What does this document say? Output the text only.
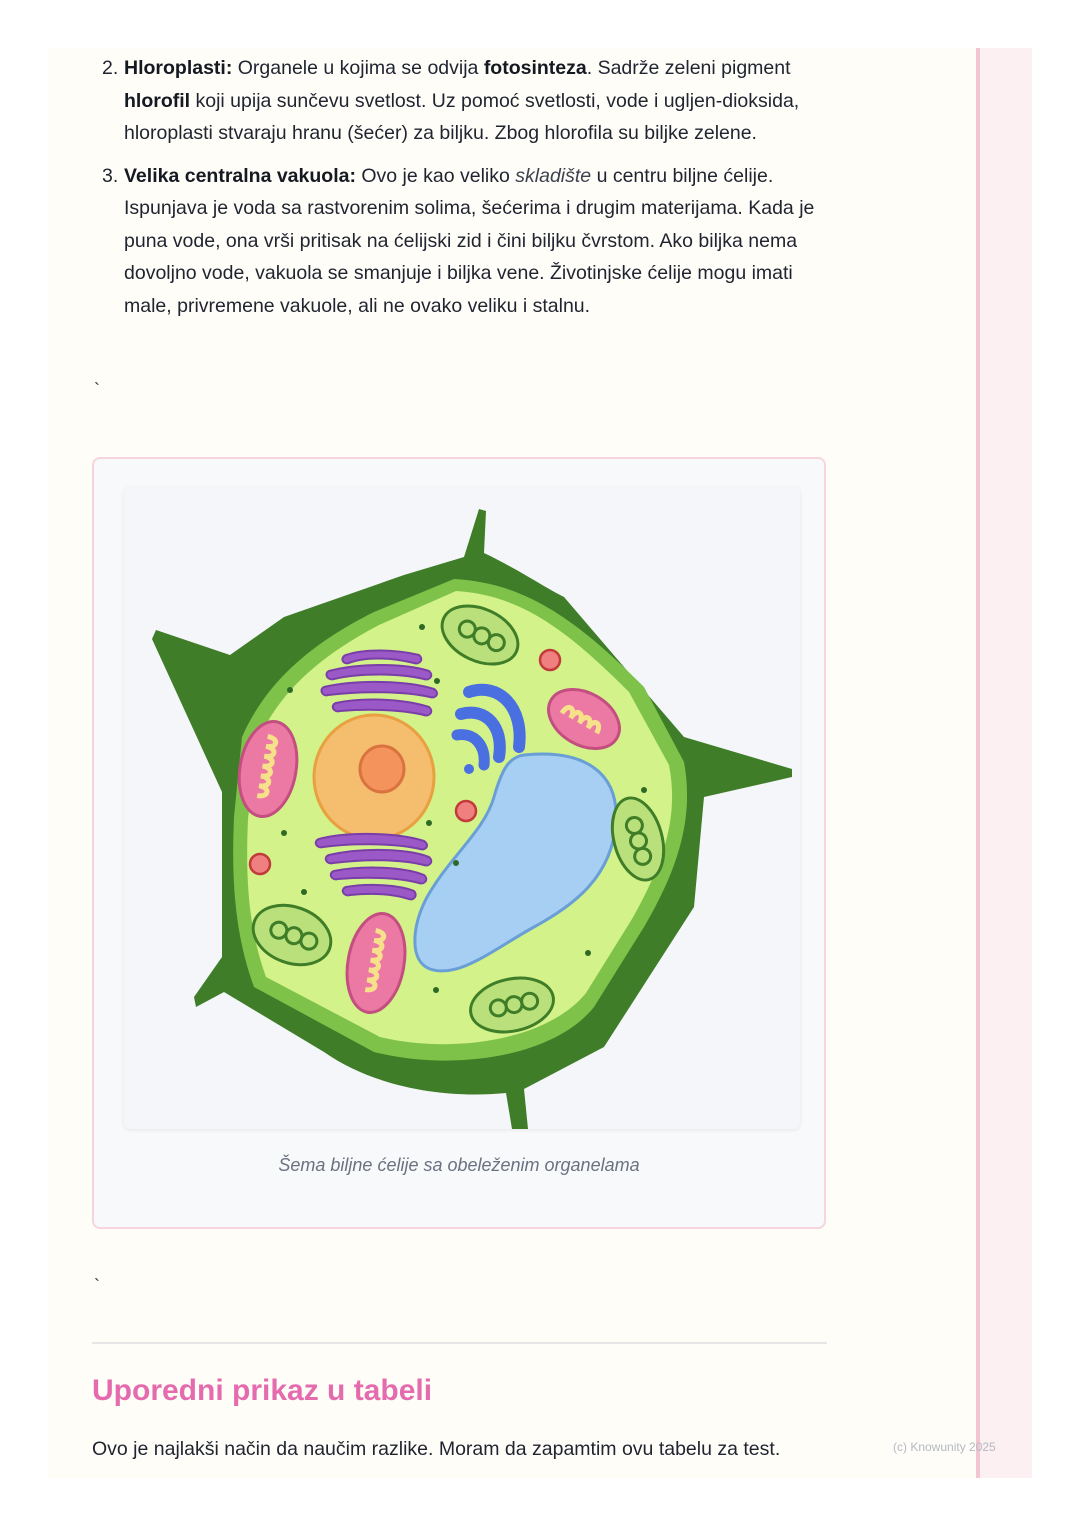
2. Hloroplasti: Organele u kojima se odvija fotosinteza. Sadrže zeleni pigment hlorofil koji upija sunčevu svetlost. Uz pomoć svetlosti, vode i ugljen-dioksida, hloroplasti stvaraju hranu (šećer) za biljku. Zbog hlorofila su biljke zelene.
3. Velika centralna vakuola: Ovo je kao veliko skladište u centru biljne ćelije. Ispunjava je voda sa rastvorenim solima, šećerima i drugim materijama. Kada je puna vode, ona vrši pritisak na ćelijski zid i čini biljku čvrstom. Ako biljka nema dovoljno vode, vakuola se smanjuje i biljka vene. Životinjske ćelije mogu imati male, privremene vakuole, ali ne ovako veliku i stalnu.
`
Šema biljne ćelije sa obeleženim organelama
`
Uporedni prikaz u tabeli
Ovo je najlakši način da naučim razlike. Moram da zapamtim ovu tabelu za test.	(c) Knowunity 2025
